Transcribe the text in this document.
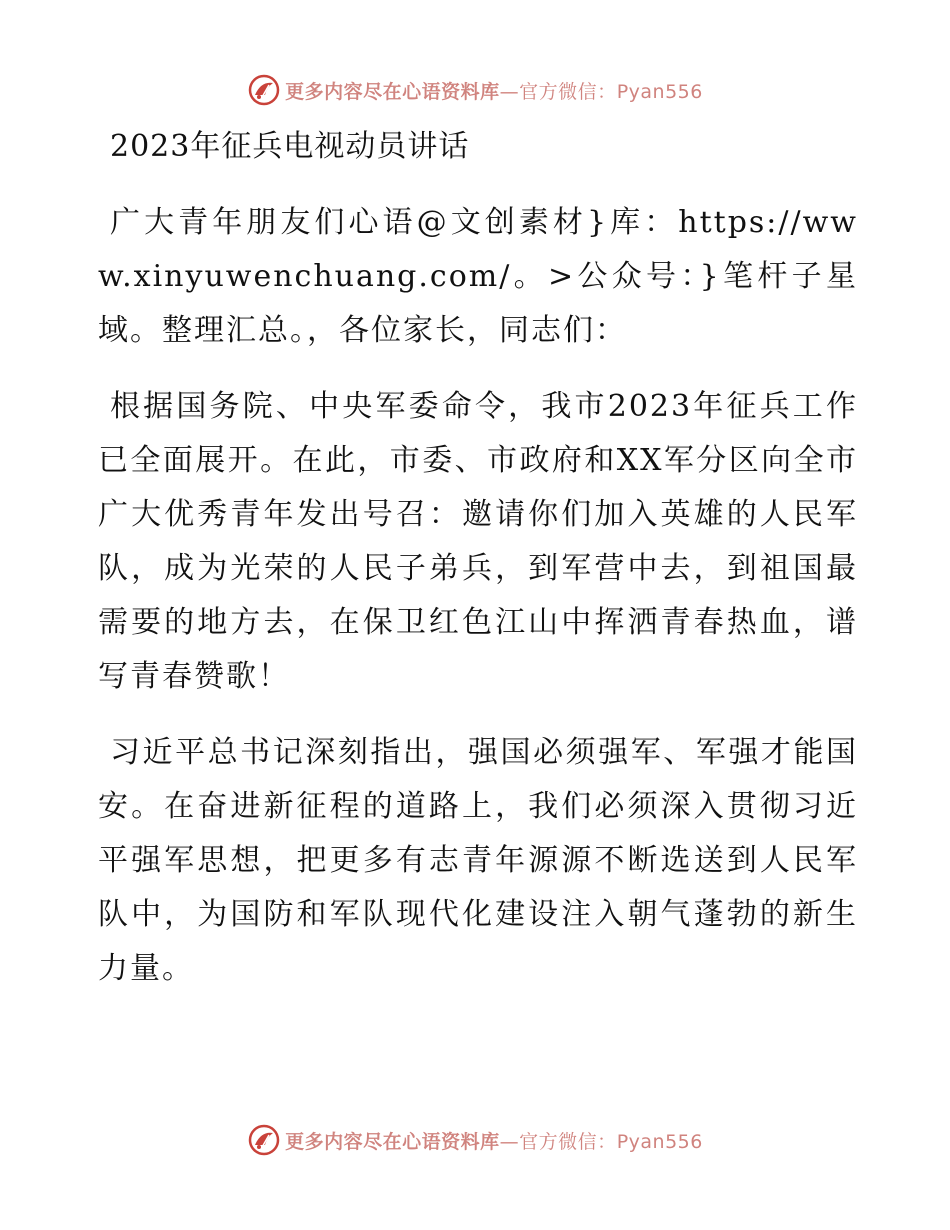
更多内容尽在心语资料库—官方微信：Pyan556
2023年征兵电视动员讲话

广大青年朋友们心语@文创素材}库：https://www.xinyuwenchuang.com/。>公众号：}笔杆子星域。整理汇总。，各位家长，同志们：

根据国务院、中央军委命令，我市2023年征兵工作已全面展开。在此，市委、市政府和XX军分区向全市广大优秀青年发出号召：邀请你们加入英雄的人民军队，成为光荣的人民子弟兵，到军营中去，到祖国最需要的地方去，在保卫红色江山中挥洒青春热血，谱写青春赞歌！

习近平总书记深刻指出，强国必须强军、军强才能国安。在奋进新征程的道路上，我们必须深入贯彻习近平强军思想，把更多有志青年源源不断选送到人民军队中，为国防和军队现代化建设注入朝气蓬勃的新生力量。

更多内容尽在心语资料库—官方微信：Pyan556
